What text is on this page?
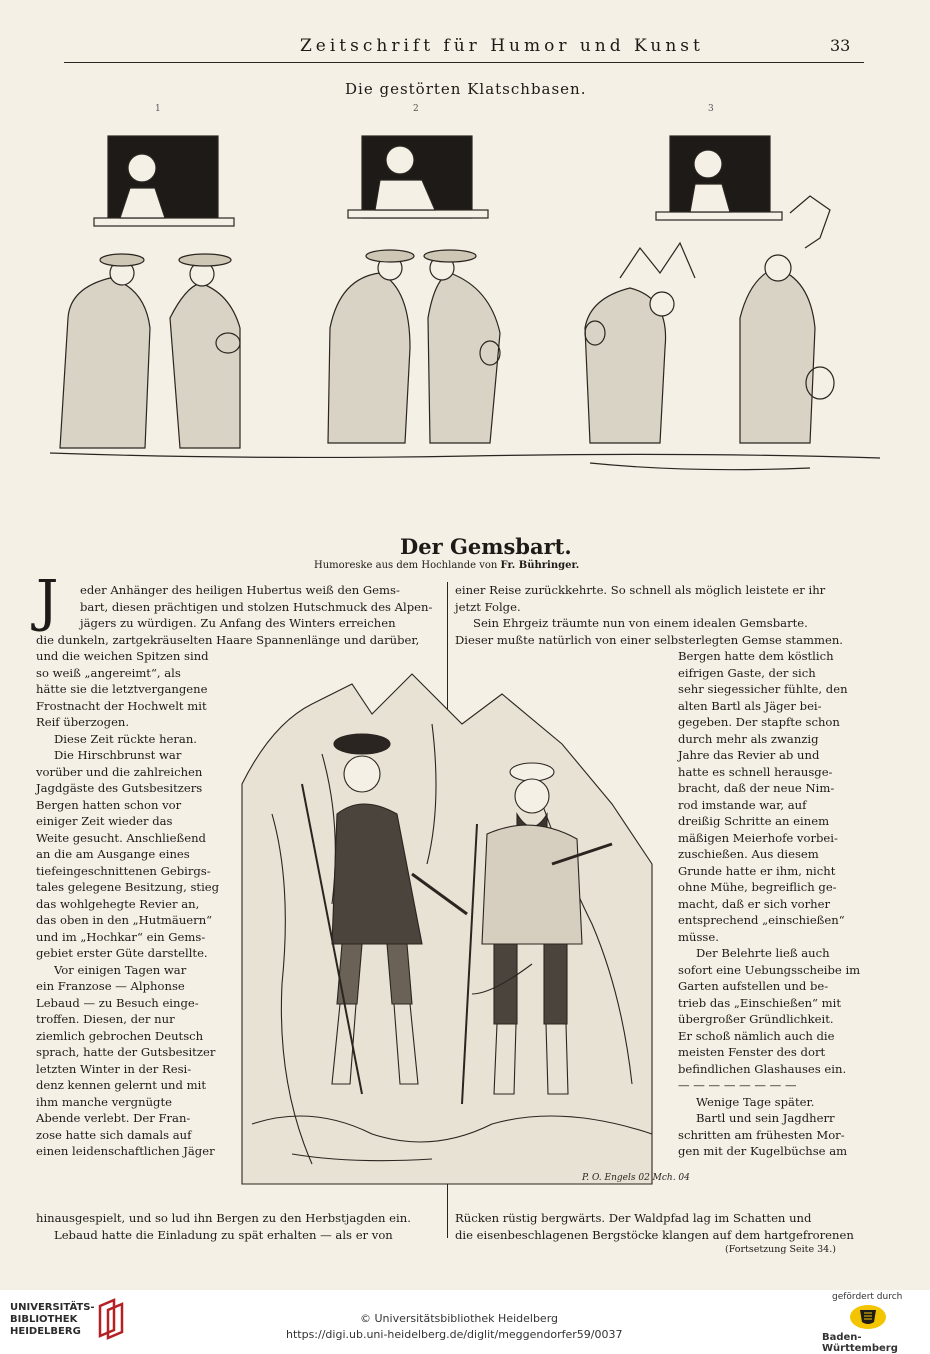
Zeitschrift für Humor und Kunst	33
Die gestörten Klatschbasen.
1	2	3
Der Gemsbart.
Humoreske aus dem Hochlande von Fr. Bühringer.
J	eder Anhänger des heiligen Hubertus weiß den Gems-
bart, diesen prächtigen und stolzen Hutschmuck des Alpen-
jägers zu würdigen. Zu Anfang des Winters erreichen
die dunkeln, zartgekräuselten Haare Spannenlänge und darüber,
und die weichen Spitzen sind
so weiß „angereimt“, als
hätte sie die letztvergangene
Frostnacht der Hochwelt mit
Reif überzogen.
Diese Zeit rückte heran.
Die Hirschbrunst war
vorüber und die zahlreichen
Jagdgäste des Gutsbesitzers
Bergen hatten schon vor
einiger Zeit wieder das
Weite gesucht. Anschließend
an die am Ausgange eines
tiefeingeschnittenen Gebirgs-
tales gelegene Besitzung, stieg
das wohlgehegte Revier an,
das oben in den „Hutmäuern“
und im „Hochkar“ ein Gems-
gebiet erster Güte darstellte.
Vor einigen Tagen war
ein Franzose — Alphonse
Lebaud — zu Besuch einge-
troffen. Diesen, der nur
ziemlich gebrochen Deutsch
sprach, hatte der Gutsbesitzer
letzten Winter in der Resi-
denz kennen gelernt und mit
ihm manche vergnügte
Abende verlebt. Der Fran-
zose hatte sich damals auf
einen leidenschaftlichen Jäger
hinausgespielt, und so lud ihn Bergen zu den Herbstjagden ein.
Lebaud hatte die Einladung zu spät erhalten — als er von
einer Reise zurückkehrte. So schnell als möglich leistete er ihr
jetzt Folge.
Sein Ehrgeiz träumte nun von einem idealen Gemsbarte.
Dieser mußte natürlich von einer selbsterlegten Gemse stammen.
Bergen hatte dem köstlich
eifrigen Gaste, der sich
sehr siegessicher fühlte, den
alten Bartl als Jäger bei-
gegeben. Der stapfte schon
durch mehr als zwanzig
Jahre das Revier ab und
hatte es schnell herausge-
bracht, daß der neue Nim-
rod imstande war, auf
dreißig Schritte an einem
mäßigen Meierhofe vorbei-
zuschießen. Aus diesem
Grunde hatte er ihm, nicht
ohne Mühe, begreiflich ge-
macht, daß er sich vorher
entsprechend „einschießen“
müsse.
Der Belehrte ließ auch
sofort eine Uebungsscheibe im
Garten aufstellen und be-
trieb das „Einschießen“ mit
übergroßer Gründlichkeit.
Er schoß nämlich auch die
meisten Fenster des dort
befindlichen Glashauses ein.
— — — — — — — —
Wenige Tage später.
Bartl und sein Jagdherr
schritten am frühesten Mor-
gen mit der Kugelbüchse am
Rücken rüstig bergwärts. Der Waldpfad lag im Schatten und
die eisenbeschlagenen Bergstöcke klangen auf dem hartgefrorenen
(Fortsetzung Seite 34.)
P. O. Engels 02 Mch. 04
UNIVERSITÄTS-
BIBLIOTHEK
HEIDELBERG
© Universitätsbibliothek Heidelberg
https://digi.ub.uni-heidelberg.de/diglit/meggendorfer59/0037
gefördert durch
Baden-Württemberg
